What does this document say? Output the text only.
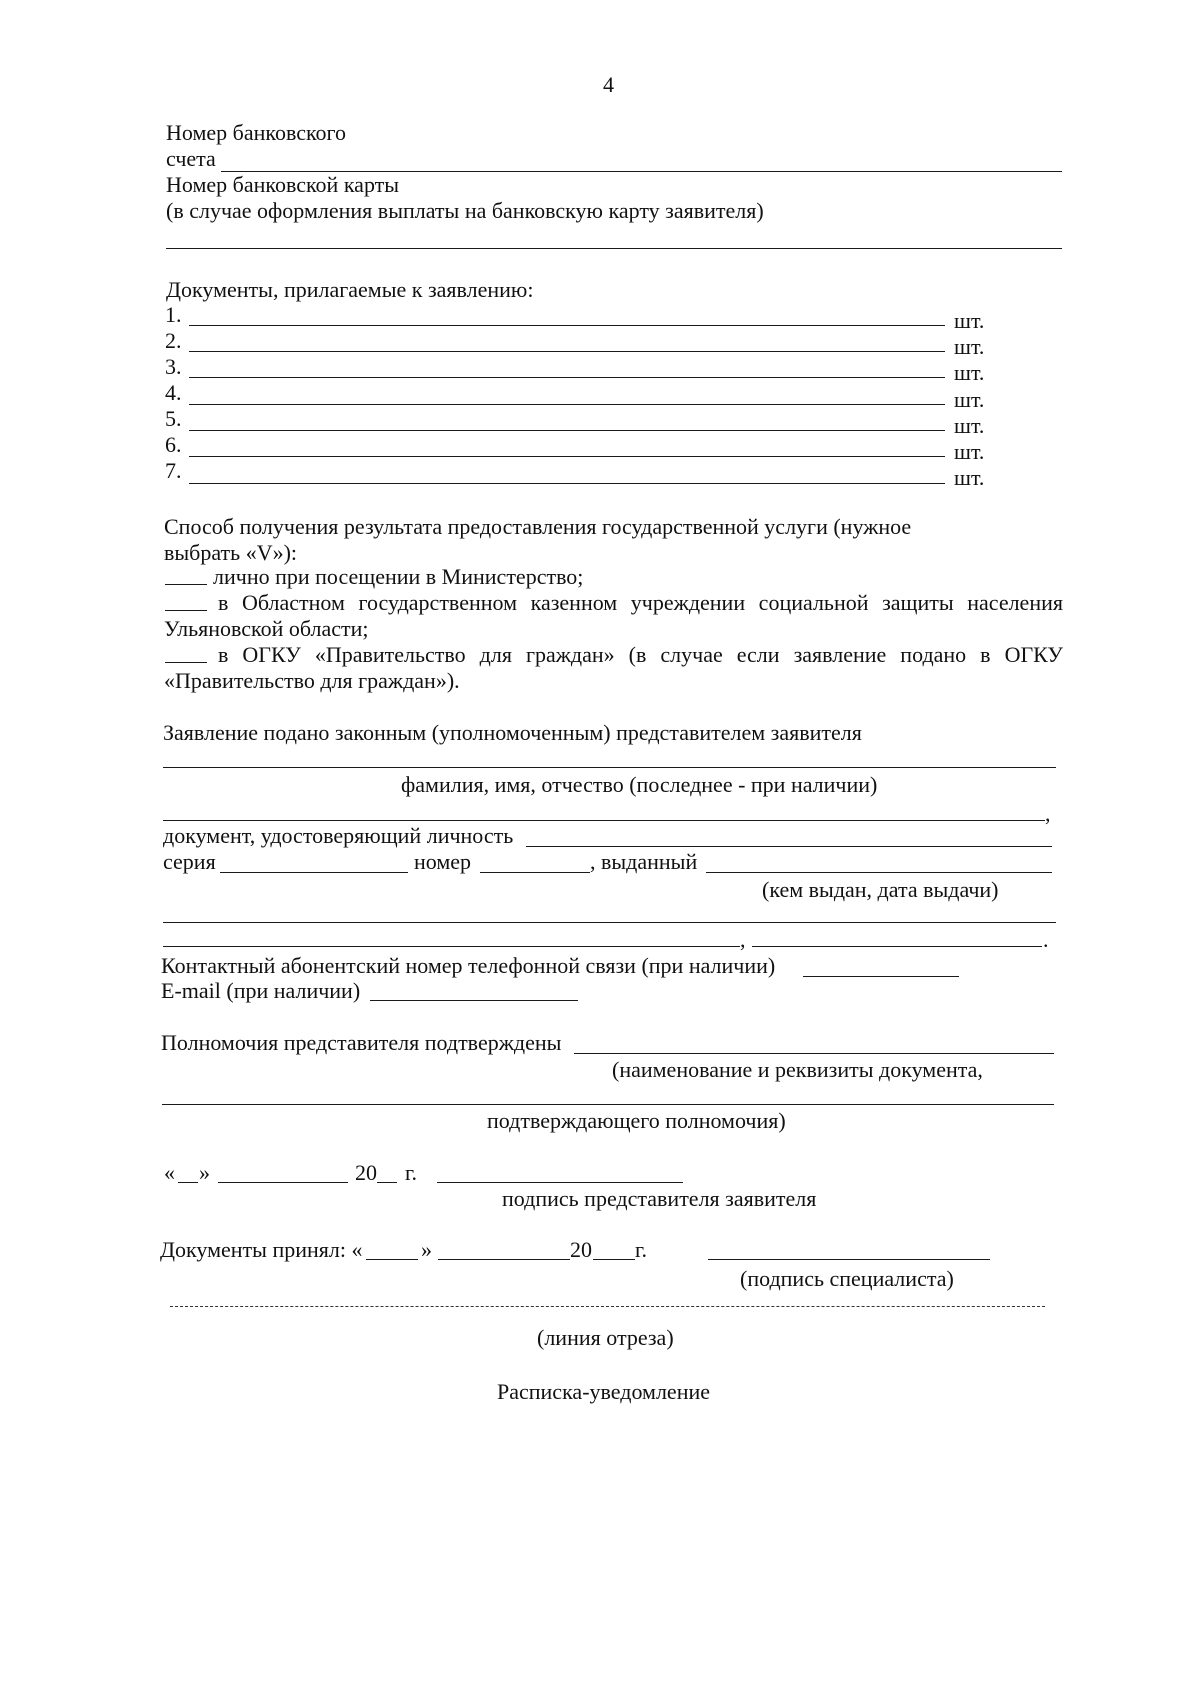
4
Номер банковского
счета
Номер банковской карты
(в случае оформления выплаты на банковскую карту заявителя)
Документы, прилагаемые к заявлению:
1.	шт.
2.	шт.
3.	шт.
4.	шт.
5.	шт.
6.	шт.
7.	шт.
Способ получения результата предоставления государственной услуги (нужное
выбрать «V»):
лично при посещении в Министерство;
в Областном государственном казенном учреждении социальной защиты населения
Ульяновской области;
в ОГКУ «Правительство для граждан» (в случае если заявление подано в ОГКУ
«Правительство для граждан»).
Заявление подано законным (уполномоченным) представителем заявителя
фамилия, имя, отчество (последнее - при наличии)
,
документ, удостоверяющий личность
серия	номер	, выданный
(кем выдан, дата выдачи)
,	.
Контактный абонентский номер телефонной связи (при наличии)
E-mail (при наличии)
Полномочия представителя подтверждены
(наименование и реквизиты документа,
подтверждающего полномочия)
« »	20 г.
подпись представителя заявителя
Документы принял: «	»	20 г.
(подпись специалиста)
(линия отреза)
Расписка-уведомление
